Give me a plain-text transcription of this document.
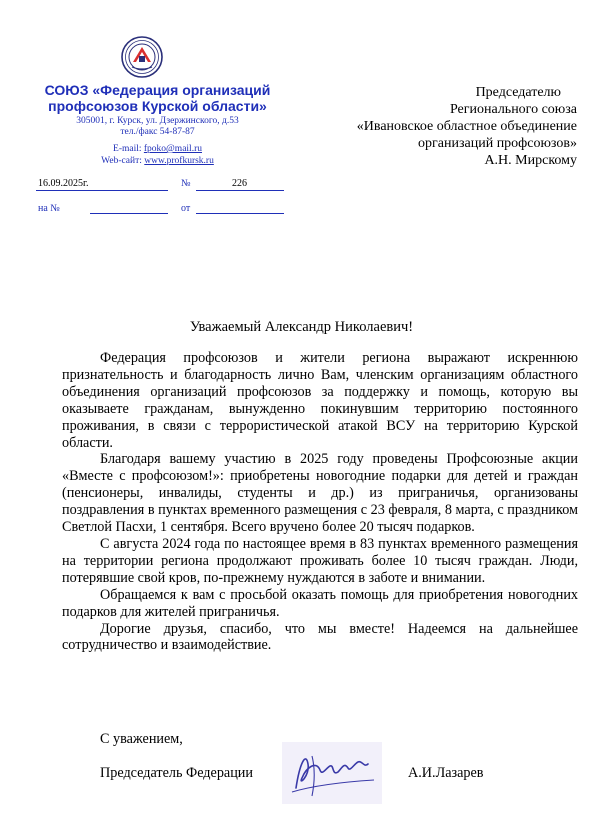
СОЮЗ «Федерация организаций
профсоюзов Курской области»
305001, г. Курск, ул. Дзержинского, д.53
тел./факс 54-87-87
E-mail: fpoko@mail.ru
Web-сайт: www.profkursk.ru
16.09.2025г.	№	226
на №	от
Председателю
Регионального союза
«Ивановское областное объединение
организаций профсоюзов»
А.Н. Мирскому
Уважаемый Александр Николаевич!

Федерация профсоюзов и жители региона выражают искреннюю признательность и благодарность лично Вам, членским организациям областного объединения организаций профсоюзов за поддержку и помощь, которую вы оказываете гражданам, вынужденно покинувшим территорию постоянного проживания, в связи с террористической атакой ВСУ на территорию Курской области.

Благодаря вашему участию в 2025 году проведены Профсоюзные акции «Вместе с профсоюзом!»: приобретены новогодние подарки для детей и граждан (пенсионеры, инвалиды, студенты и др.) из приграничья, организованы поздравления в пунктах временного размещения с 23 февраля, 8 марта, с праздником Светлой Пасхи, 1 сентября. Всего вручено более 20 тысяч подарков.

С августа 2024 года по настоящее время в 83 пунктах временного размещения на территории региона продолжают проживать более 10 тысяч граждан. Люди, потерявшие свой кров, по-прежнему нуждаются в заботе и внимании.

Обращаемся к вам с просьбой оказать помощь для приобретения новогодних подарков для жителей приграничья.

Дорогие друзья, спасибо, что мы вместе! Надеемся на дальнейшее сотрудничество и взаимодействие.

С уважением,
Председатель Федерации	А.И.Лазарев
